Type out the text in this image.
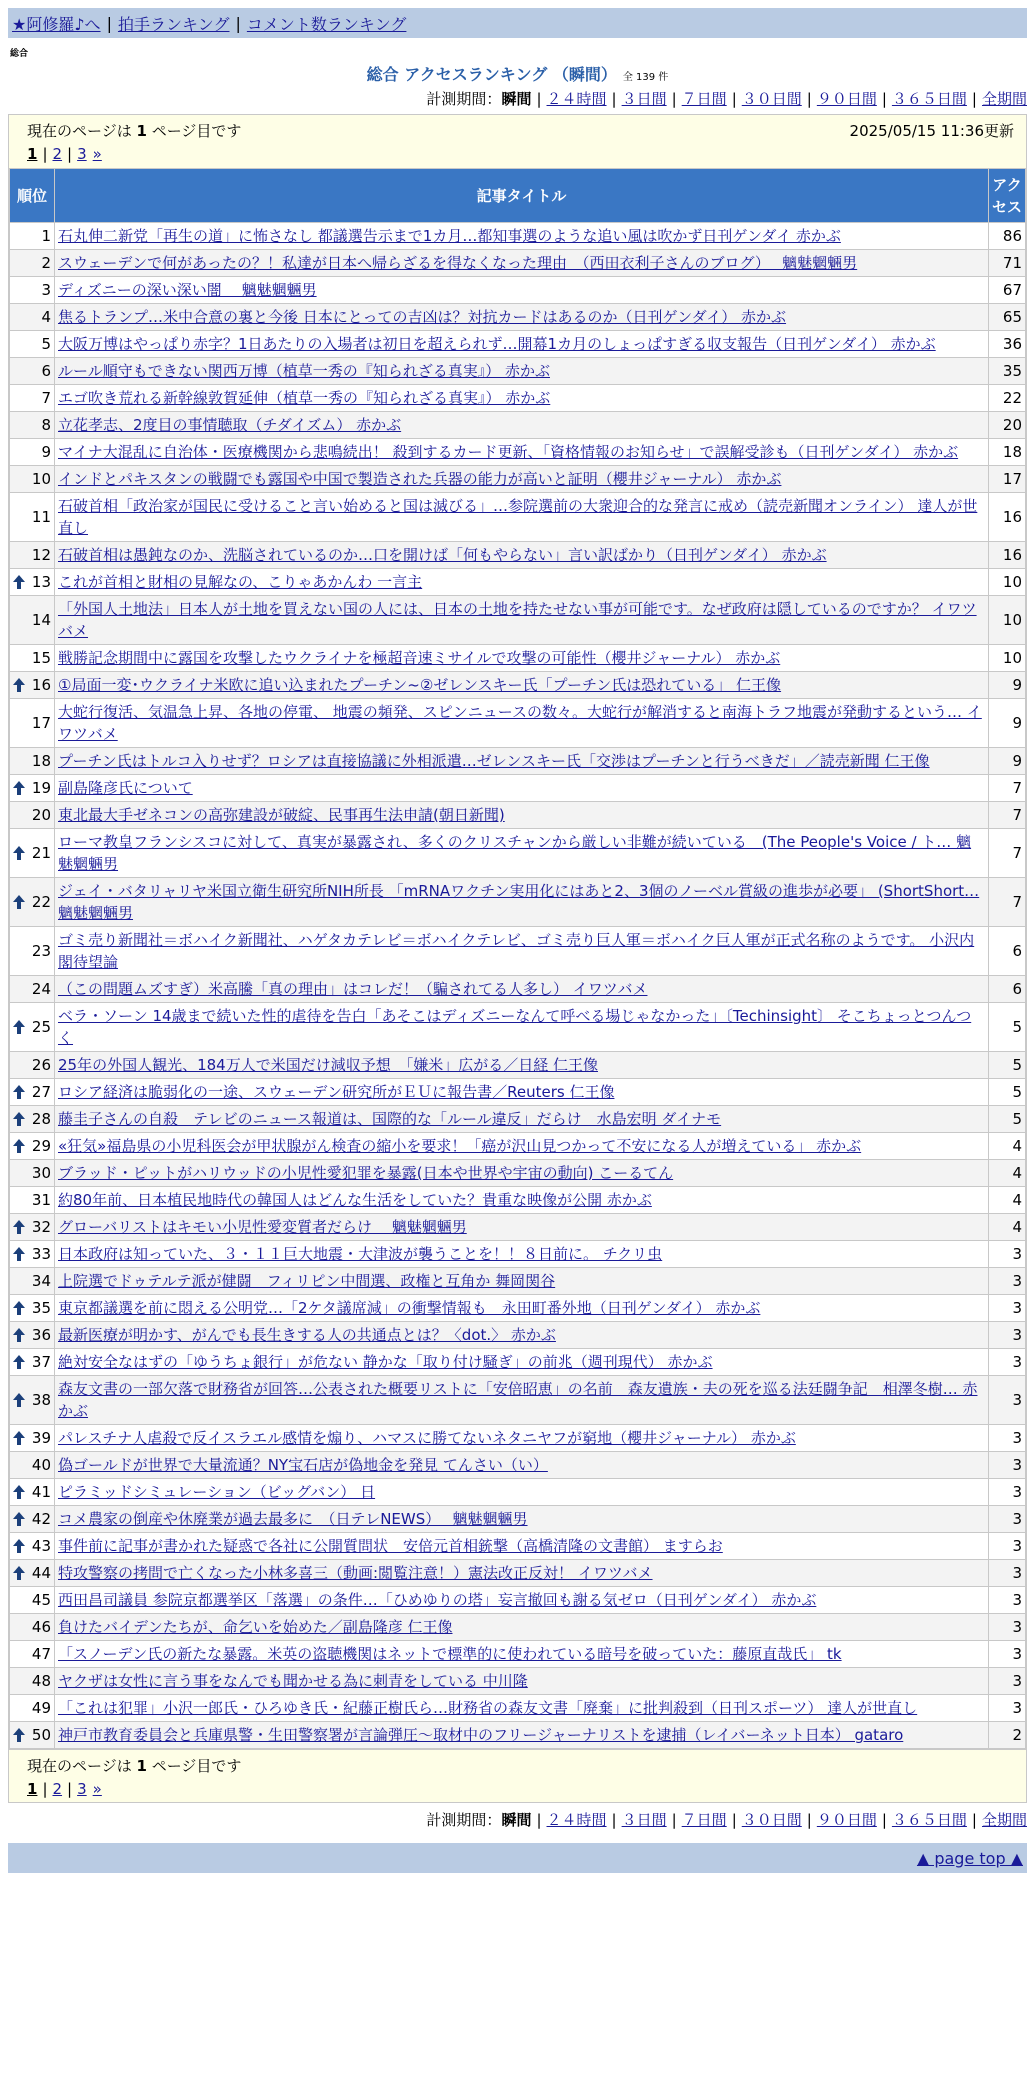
★阿修羅♪へ | 拍手ランキング | コメント数ランキング
総合
総合 アクセスランキング （瞬間） 全 139 件
計測期間：瞬間 | ２４時間 | ３日間 | ７日間 | ３０日間 | ９０日間 | ３６５日間 | 全期間
現在のページは 1 ページ目です	2025/05/15 11:36更新
1 | 2 | 3 »
順位	記事タイトル	アクセス
1	石丸伸二新党「再生の道」に怖さなし 都議選告示まで1カ月…都知事選のような追い風は吹かず日刊ゲンダイ 赤かぶ	86
2	スウェーデンで何があったの？！私達が日本へ帰らざるを得なくなった理由　（西田衣利子さんのブログ）　 魑魅魍魎男	71
3	ディズニーの深い深い闇　 魑魅魍魎男	67
4	焦るトランプ…米中合意の裏と今後 日本にとっての吉凶は？対抗カードはあるのか（日刊ゲンダイ） 赤かぶ	65
5	大阪万博はやっぱり赤字？1日あたりの入場者は初日を超えられず…開幕1カ月のしょっぱすぎる収支報告（日刊ゲンダイ） 赤かぶ	36
6	ルール順守もできない関西万博（植草一秀の『知られざる真実』） 赤かぶ	35
7	エゴ吹き荒れる新幹線敦賀延伸（植草一秀の『知られざる真実』） 赤かぶ	22
8	立花孝志、2度目の事情聴取（チダイズム） 赤かぶ	20
9	マイナ大混乱に自治体・医療機関から悲鳴続出！ 殺到するカード更新、「資格情報のお知らせ」で誤解受診も（日刊ゲンダイ） 赤かぶ	18
10	インドとパキスタンの戦闘でも露国や中国で製造された兵器の能力が高いと証明（櫻井ジャーナル） 赤かぶ	17
11	石破首相「政治家が国民に受けること言い始めると国は滅びる」…参院選前の大衆迎合的な発言に戒め（読売新聞オンライン） 達人が世直し	16
12	石破首相は愚鈍なのか、洗脳されているのか…口を開けば「何もやらない」言い訳ばかり（日刊ゲンダイ） 赤かぶ	16

13	これが首相と財相の見解なの、こりゃあかんわ 一言主	10
14	「外国人土地法」日本人が土地を買えない国の人には、日本の土地を持たせない事が可能です。なぜ政府は隠しているのですか？ イワツバメ	10
15	戦勝記念期間中に露国を攻撃したウクライナを極超音速ミサイルで攻撃の可能性（櫻井ジャーナル） 赤かぶ	10

16	①局面一変･ウクライナ米欧に追い込まれたプーチン~②ゼレンスキー氏「プーチン氏は恐れている」 仁王像	9
17	大蛇行復活、気温急上昇、各地の停電、 地震の頻発、スピンニュースの数々。大蛇行が解消すると南海トラフ地震が発動するという… イワツバメ	9
18	プーチン氏はトルコ入りせず？ロシアは直接協議に外相派遣…ゼレンスキー氏「交渉はプーチンと行うべきだ」／読売新聞 仁王像	9

19	副島隆彦氏について	7
20	東北最大手ゼネコンの高弥建設が破綻、民事再生法申請(朝日新聞)	7

21	ローマ教皇フランシスコに対して、真実が暴露され、多くのクリスチャンから厳しい非難が続いている　(The People's Voice / ト… 魑魅魍魎男	7

22	ジェイ・バタリャリヤ米国立衛生研究所NIH所長 「mRNAワクチン実用化にはあと2、3個のノーベル賞級の進歩が必要」 (ShortShort… 魑魅魍魎男	7
23	ゴミ売り新聞社＝ボハイク新聞社、ハゲタカテレビ＝ボハイクテレビ、ゴミ売り巨人軍＝ボハイク巨人軍が正式名称のようです。 小沢内閣待望論	6
24	（この問題ムズすぎ）米高騰「真の理由」はコレだ！（騙されてる人多し） イワツバメ	6

25	ベラ・ソーン 14歳まで続いた性的虐待を告白「あそこはディズニーなんて呼べる場じゃなかった」〔Techinsight〕 そこちょっとつんつく	5
26	25年の外国人観光、184万人で米国だけ減収予想　「嫌米」広がる／日経 仁王像	5

27	ロシア経済は脆弱化の一途、スウェーデン研究所がＥＵに報告書／Reuters 仁王像	5

28	藤圭子さんの自殺　テレビのニュース報道は、国際的な「ルール違反」だらけ　水島宏明 ダイナモ	5

29	«狂気»福島県の小児科医会が甲状腺がん検査の縮小を要求！「癌が沢山見つかって不安になる人が増えている」 赤かぶ	4
30	ブラッド・ピットがハリウッドの小児性愛犯罪を暴露(日本や世界や宇宙の動向) こーるてん	4
31	約80年前、日本植民地時代の韓国人はどんな生活をしていた？貴重な映像が公開 赤かぶ	4

32	グローバリストはキモい小児性愛変質者だらけ　 魑魅魍魎男	4

33	日本政府は知っていた、３・１１巨大地震・大津波が襲うことを！！８日前に。 チクリ虫	3
34	上院選でドゥテルテ派が健闘　フィリピン中間選、政権と互角か 舞岡関谷	3

35	東京都議選を前に悶える公明党…「2ケタ議席減」の衝撃情報も　永田町番外地（日刊ゲンダイ） 赤かぶ	3

36	最新医療が明かす、がんでも長生きする人の共通点とは？〈dot.〉 赤かぶ	3

37	絶対安全なはずの「ゆうちょ銀行」が危ない 静かな「取り付け騒ぎ」の前兆（週刊現代） 赤かぶ	3

38	森友文書の一部欠落で財務省が回答…公表された概要リストに「安倍昭恵」の名前　森友遺族・夫の死を巡る法廷闘争記　相澤冬樹… 赤かぶ	3

39	パレスチナ人虐殺で反イスラエル感情を煽り、ハマスに勝てないネタニヤフが窮地（櫻井ジャーナル） 赤かぶ	3
40	偽ゴールドが世界で大量流通？NY宝石店が偽地金を発見 てんさい（い）	3

41	ピラミッドシミュレーション（ビッグバン） 日	3

42	コメ農家の倒産や休廃業が過去最多に　（日テレNEWS）　 魑魅魍魎男	3

43	事件前に記事が書かれた疑惑で各社に公開質問状　安倍元首相銃撃（高橋清隆の文書館） ますらお	3

44	特攻警察の拷問で亡くなった小林多喜三（動画:閲覧注意！）憲法改正反対！ イワツバメ	3
45	西田昌司議員 参院京都選挙区「落選」の条件…「ひめゆりの塔」妄言撤回も謝る気ゼロ（日刊ゲンダイ） 赤かぶ	3
46	負けたバイデンたちが、命乞いを始めた／副島隆彦 仁王像	3
47	「スノーデン氏の新たな暴露。米英の盗聴機関はネットで標準的に使われている暗号を破っていた：藤原直哉氏」 tk	3
48	ヤクザは女性に言う事をなんでも聞かせる為に刺青をしている 中川隆	3
49	「これは犯罪」小沢一郎氏・ひろゆき氏・紀藤正樹氏ら…財務省の森友文書「廃棄」に批判殺到（日刊スポーツ） 達人が世直し	3

50	神戸市教育委員会と兵庫県警・生田警察署が言論弾圧～取材中のフリージャーナリストを逮捕（レイバーネット日本） gataro	2
現在のページは 1 ページ目です
1 | 2 | 3 »
計測期間：瞬間 | ２４時間 | ３日間 | ７日間 | ３０日間 | ９０日間 | ３６５日間 | 全期間
▲ page top ▲
